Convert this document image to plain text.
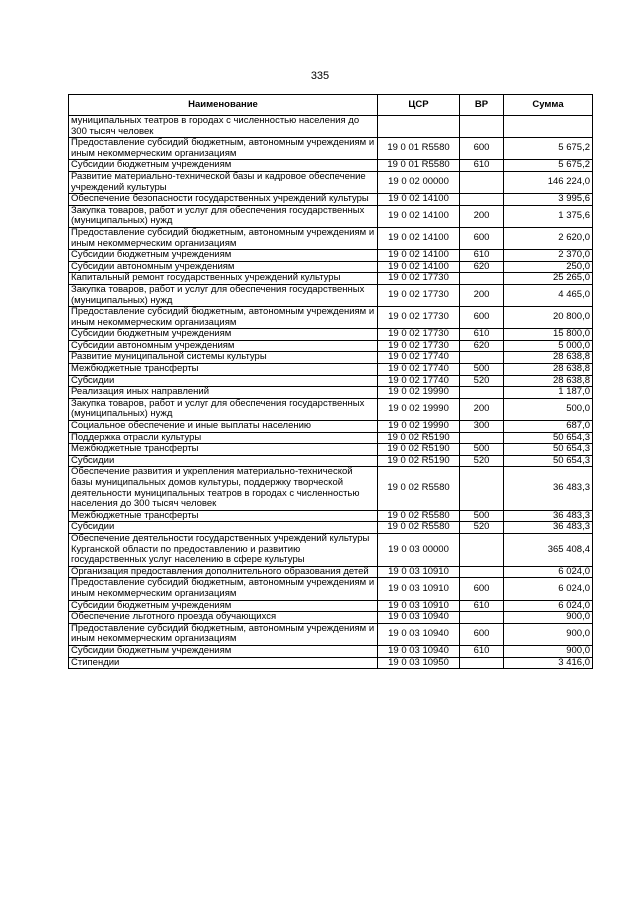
335
Наименование	ЦСР	ВР	Сумма
муниципальных театров в городах с численностью населения до 300 тысяч человек			
Предоставление субсидий бюджетным, автономным учреждениям и иным некоммерческим организациям	19 0 01 R5580	600	5 675,2
Субсидии бюджетным учреждениям	19 0 01 R5580	610	5 675,2
Развитие материально-технической базы и кадровое обеспечение учреждений культуры	19 0 02 00000		146 224,0
Обеспечение безопасности государственных учреждений культуры	19 0 02 14100		3 995,6
Закупка товаров, работ и услуг для обеспечения государственных (муниципальных) нужд	19 0 02 14100	200	1 375,6
Предоставление субсидий бюджетным, автономным учреждениям и иным некоммерческим организациям	19 0 02 14100	600	2 620,0
Субсидии бюджетным учреждениям	19 0 02 14100	610	2 370,0
Субсидии автономным учреждениям	19 0 02 14100	620	250,0
Капитальный ремонт государственных учреждений культуры	19 0 02 17730		25 265,0
Закупка товаров, работ и услуг для обеспечения государственных (муниципальных) нужд	19 0 02 17730	200	4 465,0
Предоставление субсидий бюджетным, автономным учреждениям и иным некоммерческим организациям	19 0 02 17730	600	20 800,0
Субсидии бюджетным учреждениям	19 0 02 17730	610	15 800,0
Субсидии автономным учреждениям	19 0 02 17730	620	5 000,0
Развитие муниципальной системы культуры	19 0 02 17740		28 638,8
Межбюджетные трансферты	19 0 02 17740	500	28 638,8
Субсидии	19 0 02 17740	520	28 638,8
Реализация иных направлений	19 0 02 19990		1 187,0
Закупка товаров, работ и услуг для обеспечения государственных (муниципальных) нужд	19 0 02 19990	200	500,0
Социальное обеспечение и иные выплаты населению	19 0 02 19990	300	687,0
Поддержка отрасли культуры	19 0 02 R5190		50 654,3
Межбюджетные трансферты	19 0 02 R5190	500	50 654,3
Субсидии	19 0 02 R5190	520	50 654,3
Обеспечение развития и укрепления материально-технической базы муниципальных домов культуры, поддержку творческой деятельности муниципальных театров в городах с численностью населения до 300 тысяч человек	19 0 02 R5580		36 483,3
Межбюджетные трансферты	19 0 02 R5580	500	36 483,3
Субсидии	19 0 02 R5580	520	36 483,3
Обеспечение деятельности государственных учреждений культуры Курганской области по предоставлению и развитию государственных услуг населению в сфере культуры	19 0 03 00000		365 408,4
Организация предоставления дополнительного образования детей	19 0 03 10910		6 024,0
Предоставление субсидий бюджетным, автономным учреждениям и иным некоммерческим организациям	19 0 03 10910	600	6 024,0
Субсидии бюджетным учреждениям	19 0 03 10910	610	6 024,0
Обеспечение льготного проезда обучающихся	19 0 03 10940		900,0
Предоставление субсидий бюджетным, автономным учреждениям и иным некоммерческим организациям	19 0 03 10940	600	900,0
Субсидии бюджетным учреждениям	19 0 03 10940	610	900,0
Стипендии	19 0 03 10950		3 416,0
